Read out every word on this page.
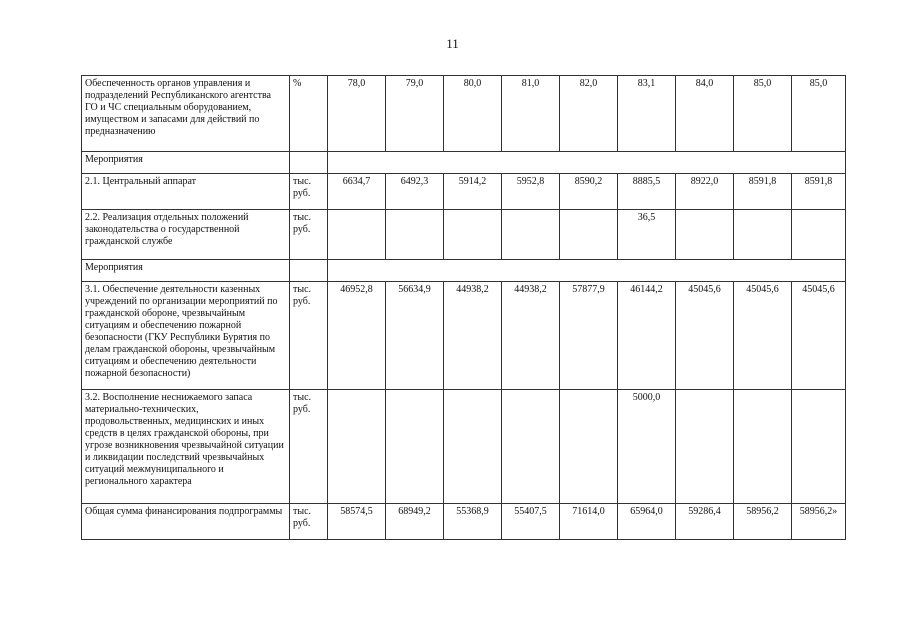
11
Обеспеченность органов управления и подразделений Республиканского агентства ГО и ЧС специальным оборудованием, имуществом и запасами для действий по предназначению	%	78,0	79,0	80,0	81,0	82,0	83,1	84,0	85,0	85,0
Мероприятия										
2.1. Центральный аппарат	тыс. руб.	6634,7	6492,3	5914,2	5952,8	8590,2	8885,5	8922,0	8591,8	8591,8
2.2. Реализация отдельных положений законодательства о государственной гражданской службе	тыс. руб.						36,5			
Мероприятия										
3.1. Обеспечение деятельности казенных учреждений по организации мероприятий по гражданской обороне, чрезвычайным ситуациям и обеспечению пожарной безопасности (ГКУ Республики Бурятия по делам гражданской обороны, чрезвычайным ситуациям и обеспечению деятельности пожарной безопасности)	тыс. руб.	46952,8	56634,9	44938,2	44938,2	57877,9	46144,2	45045,6	45045,6	45045,6
3.2. Восполнение неснижаемого запаса материально-технических, продовольственных, медицинских и иных средств в целях гражданской обороны, при угрозе возникновения чрезвычайной ситуации и ликвидации последствий чрезвычайных ситуаций межмуниципального и регионального характера	тыс. руб.						5000,0			
Общая сумма финансирования подпрограммы	тыс. руб.	58574,5	68949,2	55368,9	55407,5	71614,0	65964,0	59286,4	58956,2	58956,2»
